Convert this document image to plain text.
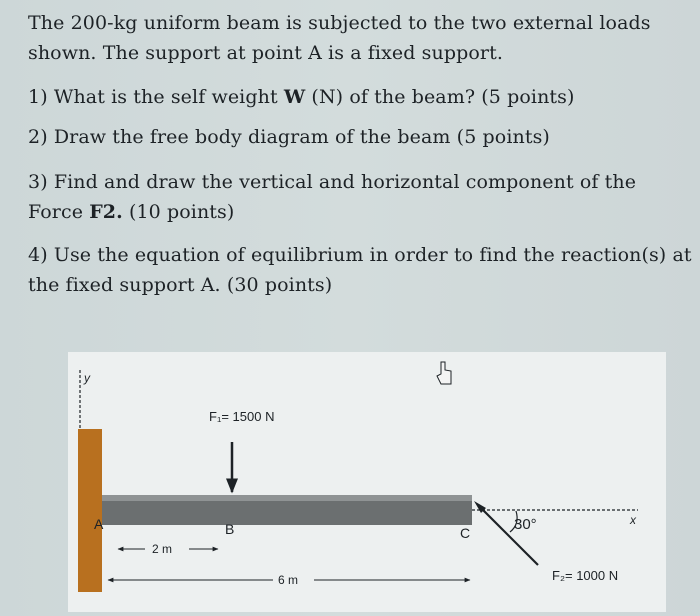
The 200-kg uniform beam is subjected to the two external loads
shown. The support at point A is a fixed support.
1) What is the self weight W (N) of the beam? (5 points)
2) Draw the free body diagram of the beam (5 points)
3) Find and draw the vertical and horizontal component of the
Force F2. (10 points)
4) Use the equation of equilibrium in order to find the reaction(s) at
the fixed support A. (30 points)
y
x
F₁= 1500 N
A	B	C	30°
F₂= 1000 N
2 m
6 m
